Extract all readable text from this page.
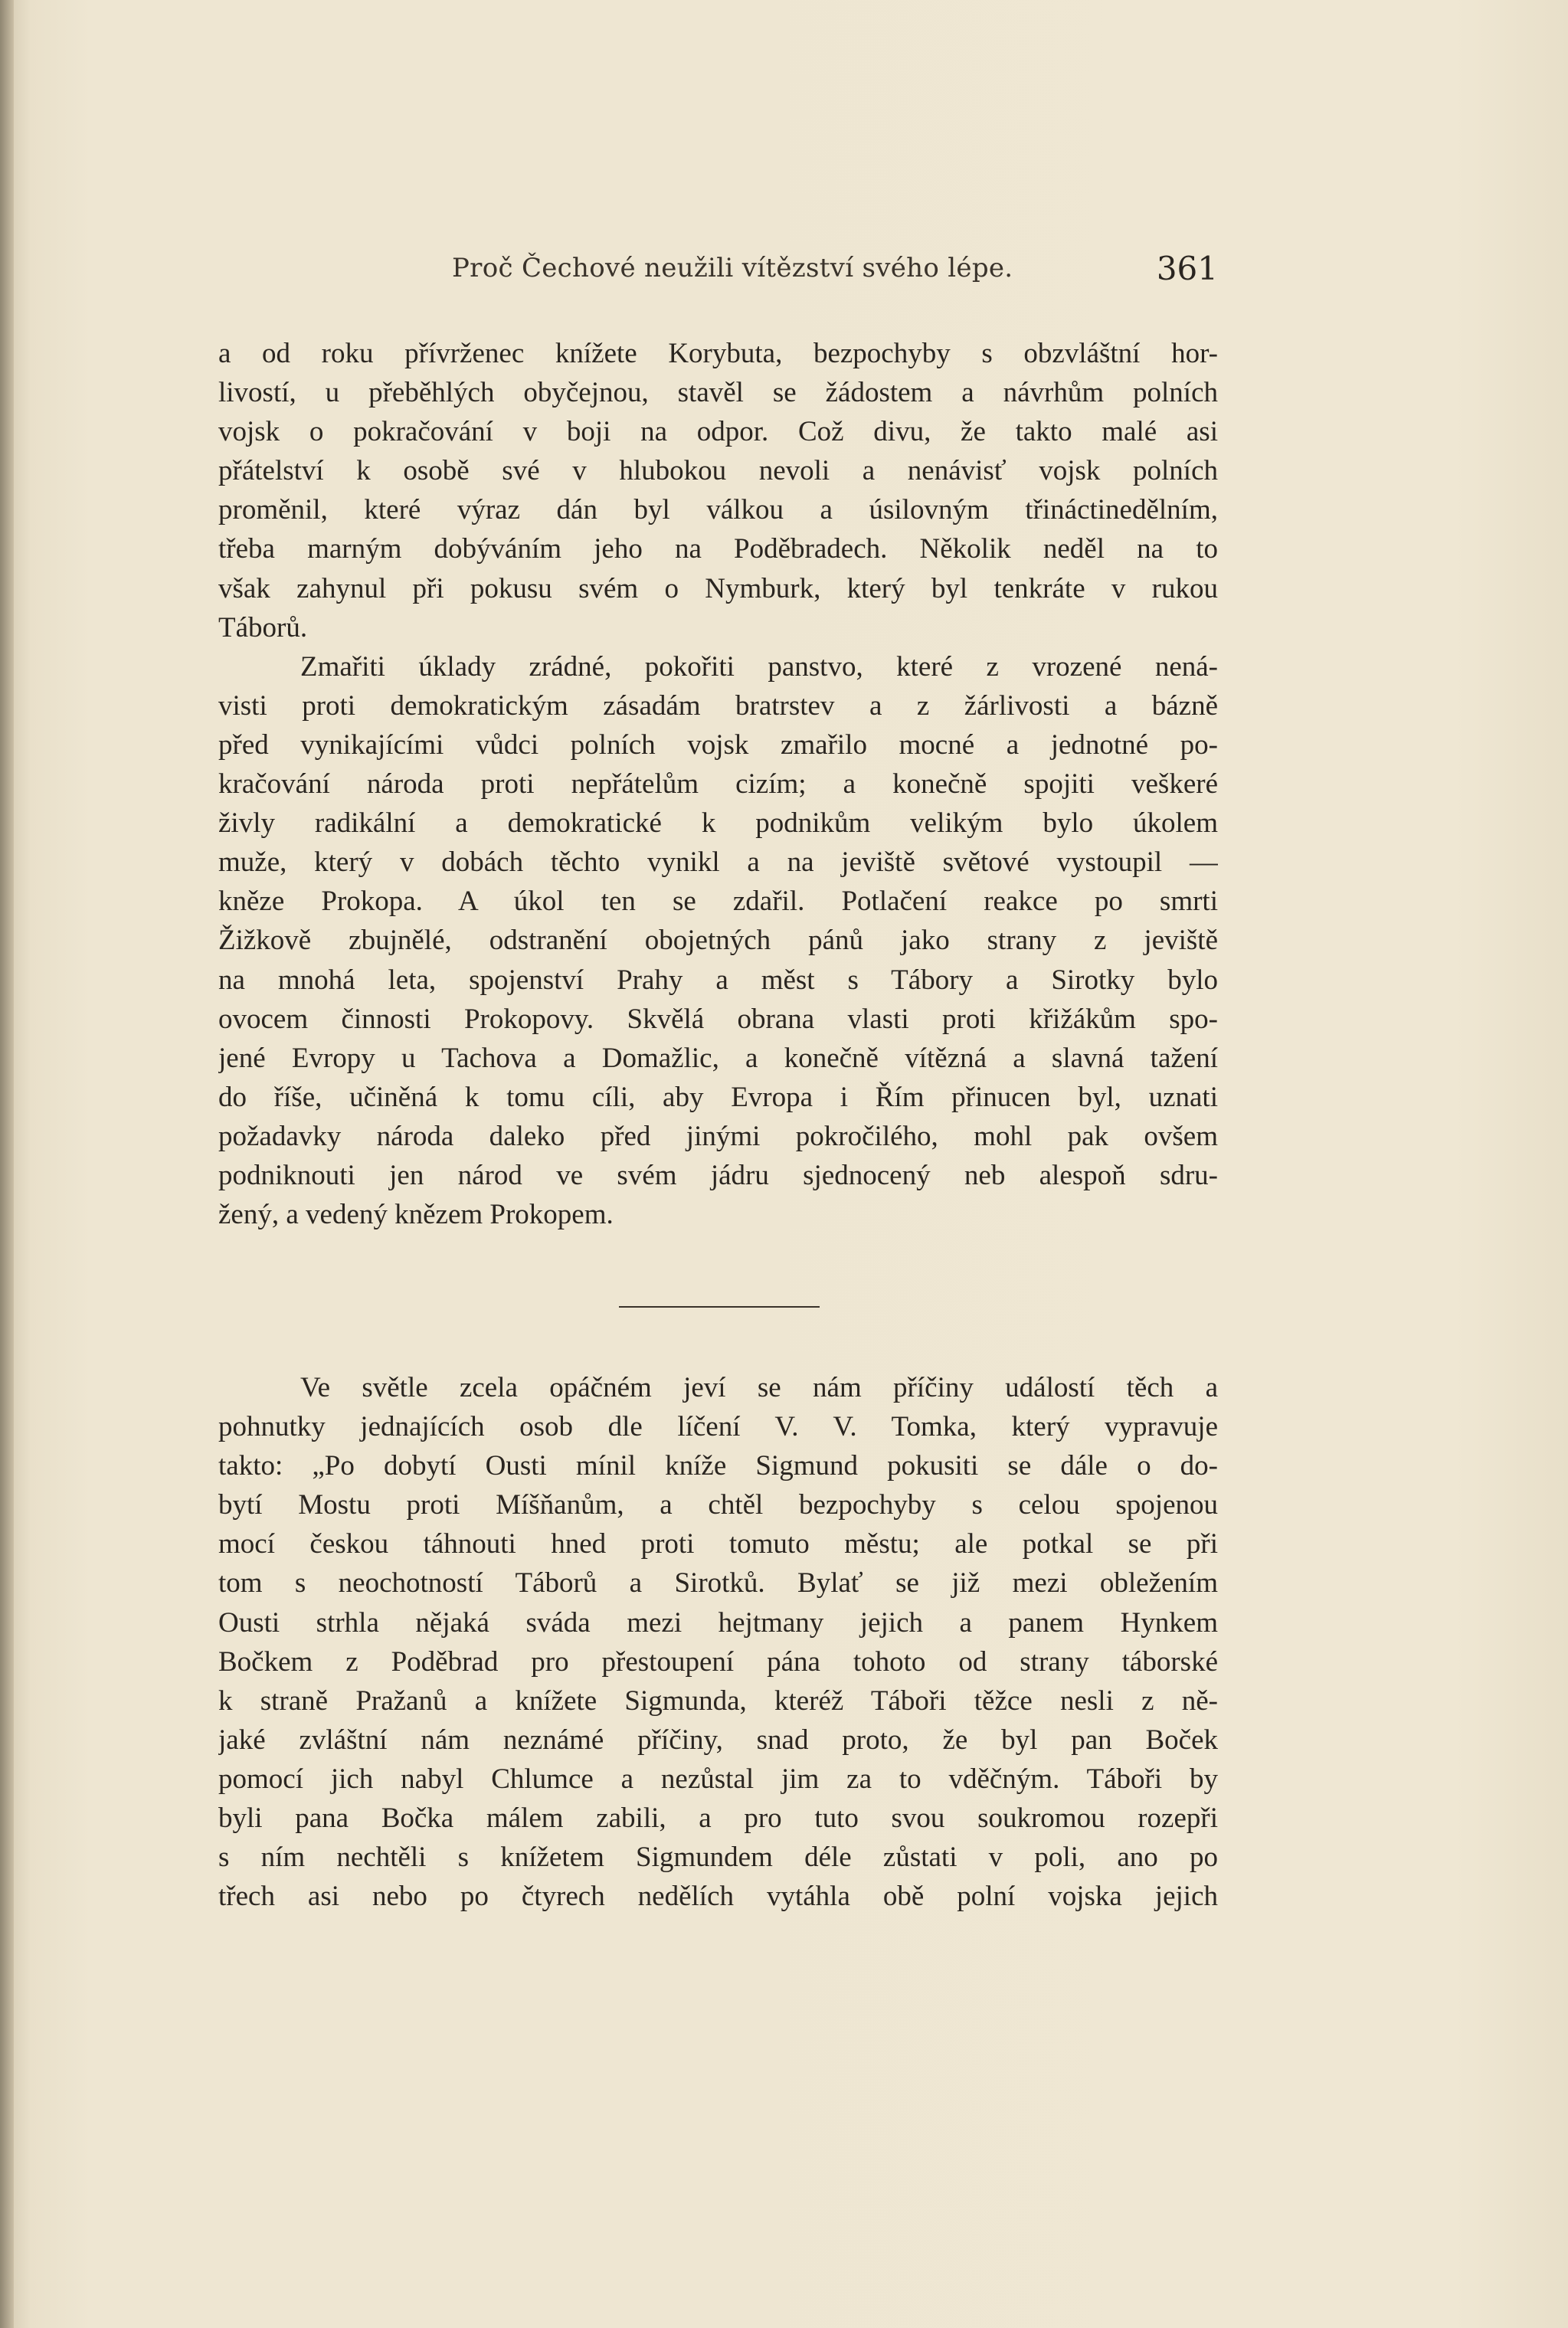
Proč Čechové neužili vítězství svého lépe.	361
a od roku přívrženec knížete Korybuta, bezpochyby s obzvláštní hor-
livostí, u přeběhlých obyčejnou, stavěl se žádostem a návrhům polních
vojsk o pokračování v boji na odpor. Což divu, že takto malé asi
přátelství k osobě své v hlubokou nevoli a nenávisť vojsk polních
proměnil, které výraz dán byl válkou a úsilovným třináctinedělním,
třeba marným dobýváním jeho na Poděbradech. Několik neděl na to
však zahynul při pokusu svém o Nymburk, který byl tenkráte v rukou
Táborů.
Zmařiti úklady zrádné, pokořiti panstvo, které z vrozené nená-
visti proti demokratickým zásadám bratrstev a z žárlivosti a bázně
před vynikajícími vůdci polních vojsk zmařilo mocné a jednotné po-
kračování národa proti nepřátelům cizím; a konečně spojiti veškeré
živly radikální a demokratické k podnikům velikým bylo úkolem
muže, který v dobách těchto vynikl a na jeviště světové vystoupil —
kněze Prokopa. A úkol ten se zdařil. Potlačení reakce po smrti
Žižkově zbujnělé, odstranění obojetných pánů jako strany z jeviště
na mnohá leta, spojenství Prahy a měst s Tábory a Sirotky bylo
ovocem činnosti Prokopovy. Skvělá obrana vlasti proti křižákům spo-
jené Evropy u Tachova a Domažlic, a konečně vítězná a slavná tažení
do říše, učiněná k tomu cíli, aby Evropa i Řím přinucen byl, uznati
požadavky národa daleko před jinými pokročilého, mohl pak ovšem
podniknouti jen národ ve svém jádru sjednocený neb alespoň sdru-
žený, a vedený knězem Prokopem.
Ve světle zcela opáčném jeví se nám příčiny událostí těch a
pohnutky jednajících osob dle líčení V. V. Tomka, který vypravuje
takto: „Po dobytí Ousti mínil kníže Sigmund pokusiti se dále o do-
bytí Mostu proti Míšňanům, a chtěl bezpochyby s celou spojenou
mocí českou táhnouti hned proti tomuto městu; ale potkal se při
tom s neochotností Táborů a Sirotků. Bylať se již mezi obležením
Ousti strhla nějaká sváda mezi hejtmany jejich a panem Hynkem
Bočkem z Poděbrad pro přestoupení pána tohoto od strany táborské
k straně Pražanů a knížete Sigmunda, kteréž Táboři těžce nesli z ně-
jaké zvláštní nám neznámé příčiny, snad proto, že byl pan Boček
pomocí jich nabyl Chlumce a nezůstal jim za to vděčným. Táboři by
byli pana Bočka málem zabili, a pro tuto svou soukromou rozepři
s ním nechtěli s knížetem Sigmundem déle zůstati v poli, ano po
třech asi nebo po čtyrech nedělích vytáhla obě polní vojska jejich
